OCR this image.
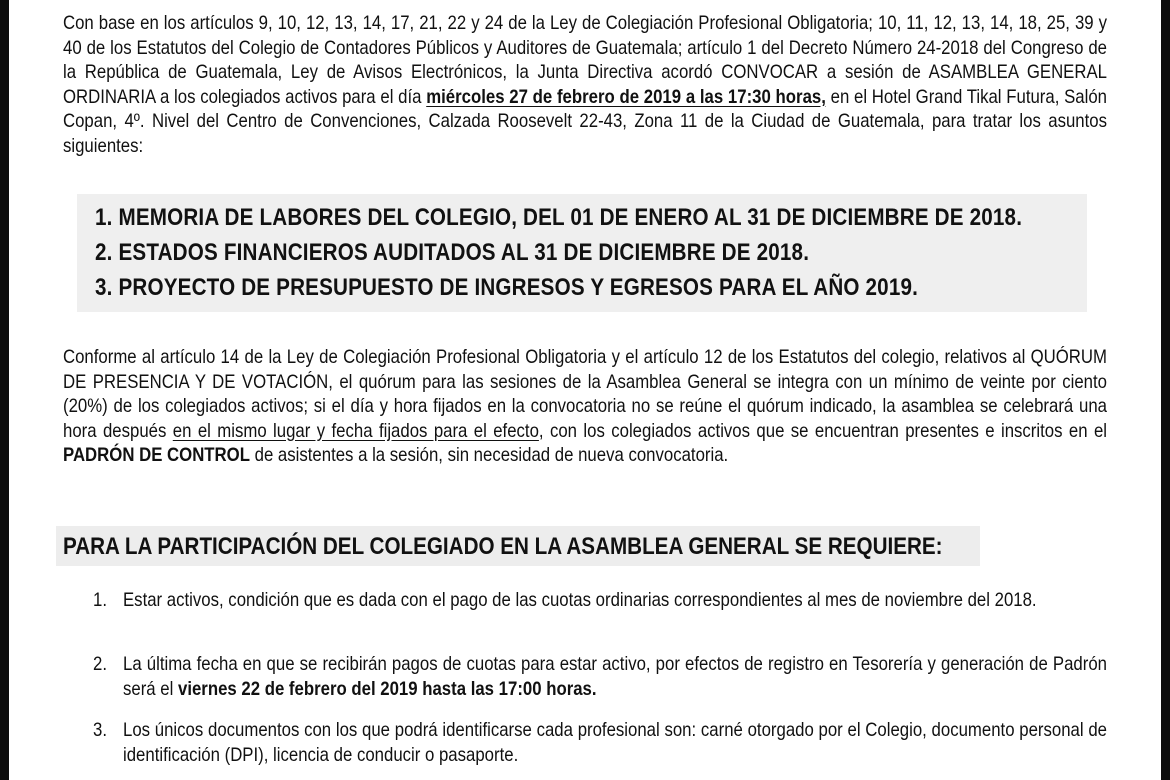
Con base en los artículos 9, 10, 12, 13, 14, 17, 21, 22 y 24 de la Ley de Colegiación Profesional Obligatoria; 10, 11, 12, 13, 14, 18, 25, 39 y 40 de los Estatutos del Colegio de Contadores Públicos y Auditores de Guatemala; artículo 1 del Decreto Número 24-2018 del Congreso de la República de Guatemala, Ley de Avisos Electrónicos, la Junta Directiva acordó CONVOCAR a sesión de ASAMBLEA GENERAL ORDINARIA a los colegiados activos para el día miércoles 27 de febrero de 2019 a las 17:30 horas, en el Hotel Grand Tikal Futura, Salón Copan, 4º. Nivel del Centro de Convenciones, Calzada Roosevelt 22-43, Zona 11 de la Ciudad de Guatemala, para tratar los asuntos siguientes:

Conforme al artículo 14 de la Ley de Colegiación Profesional Obligatoria y el artículo 12 de los Estatutos del colegio, relativos al QUÓRUM DE PRESENCIA Y DE VOTACIÓN, el quórum para las sesiones de la Asamblea General se integra con un mínimo de veinte por ciento (20%) de los colegiados activos; si el día y hora fijados en la convocatoria no se reúne el quórum indicado, la asamblea se celebrará una hora después en el mismo lugar y fecha fijados para el efecto, con los colegiados activos que se encuentran presentes e inscritos en el PADRÓN DE CONTROL de asistentes a la sesión, sin necesidad de nueva convocatoria.

1. MEMORIA DE LABORES DEL COLEGIO, DEL 01 DE ENERO AL 31 DE DICIEMBRE DE 2018.
2. ESTADOS FINANCIEROS AUDITADOS AL 31 DE DICIEMBRE DE 2018.
3. PROYECTO DE PRESUPUESTO DE INGRESOS Y EGRESOS PARA EL AÑO 2019.
PARA LA PARTICIPACIÓN DEL COLEGIADO EN LA ASAMBLEA GENERAL SE REQUIERE:
1. Estar activos, condición que es dada con el pago de las cuotas ordinarias correspondientes al mes de noviembre del 2018.
2. La última fecha en que se recibirán pagos de cuotas para estar activo, por efectos de registro en Tesorería y generación de Padrón será el viernes 22 de febrero del 2019 hasta las 17:00 horas.
3. Los únicos documentos con los que podrá identificarse cada profesional son: carné otorgado por el Colegio, documento personal de identificación (DPI), licencia de conducir o pasaporte.
